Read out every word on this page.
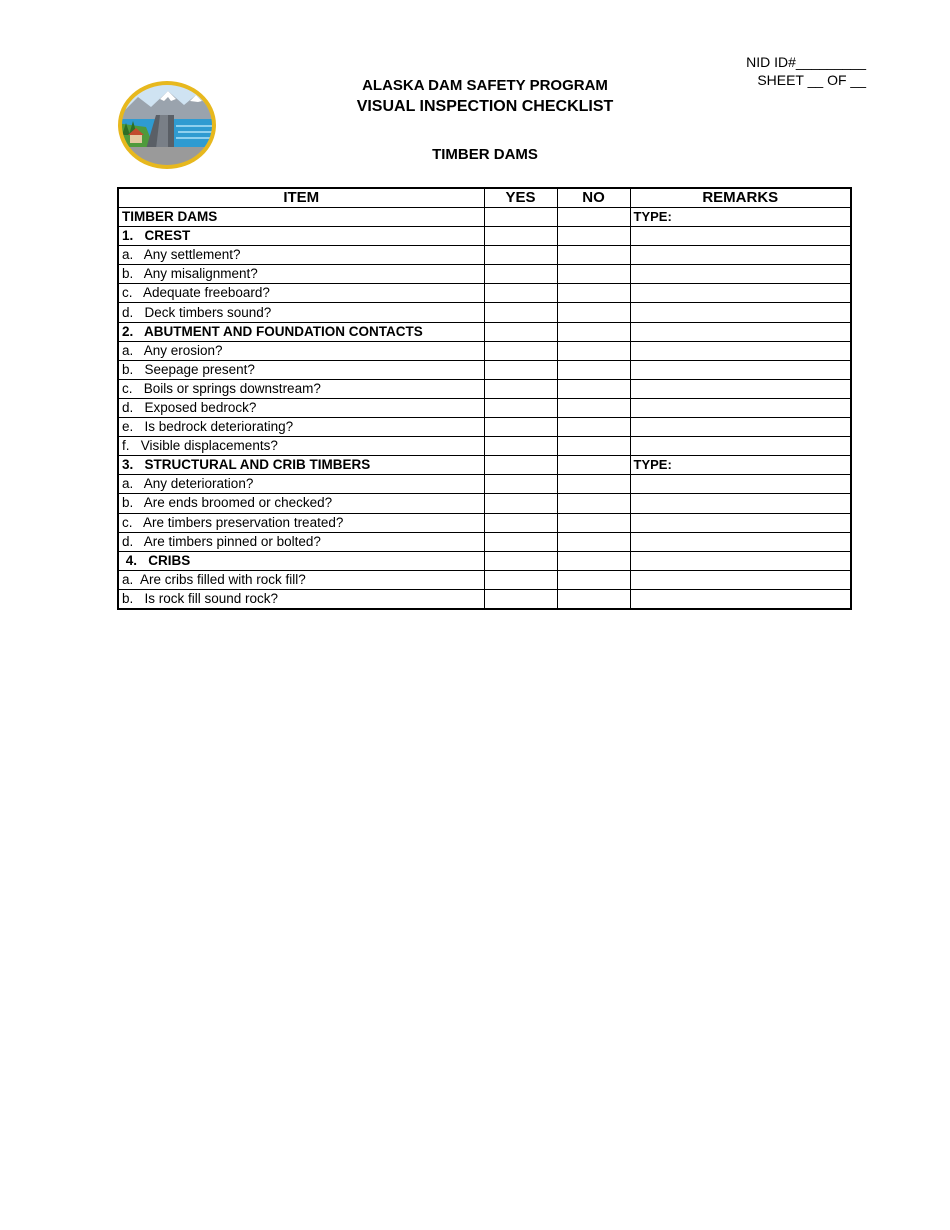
NID ID#_________
SHEET __ OF __
ALASKA DAM SAFETY PROGRAM
VISUAL INSPECTION CHECKLIST
TIMBER DAMS
ITEM	YES	NO	REMARKS
TIMBER DAMS			TYPE:
1.   CREST			
a.   Any settlement?			
b.   Any misalignment?			
c.   Adequate freeboard?			
d.   Deck timbers sound?			
2.   ABUTMENT AND FOUNDATION CONTACTS			
a.   Any erosion?			
b.   Seepage present?			
c.   Boils or springs downstream?			
d.   Exposed bedrock?			
e.   Is bedrock deteriorating?			
f.   Visible displacements?			
3.   STRUCTURAL AND CRIB TIMBERS			TYPE:
a.   Any deterioration?			
b.   Are ends broomed or checked?			
c.   Are timbers preservation treated?			
d.   Are timbers pinned or bolted?			
4.   CRIBS			
a.  Are cribs filled with rock fill?			
b.   Is rock fill sound rock?			
